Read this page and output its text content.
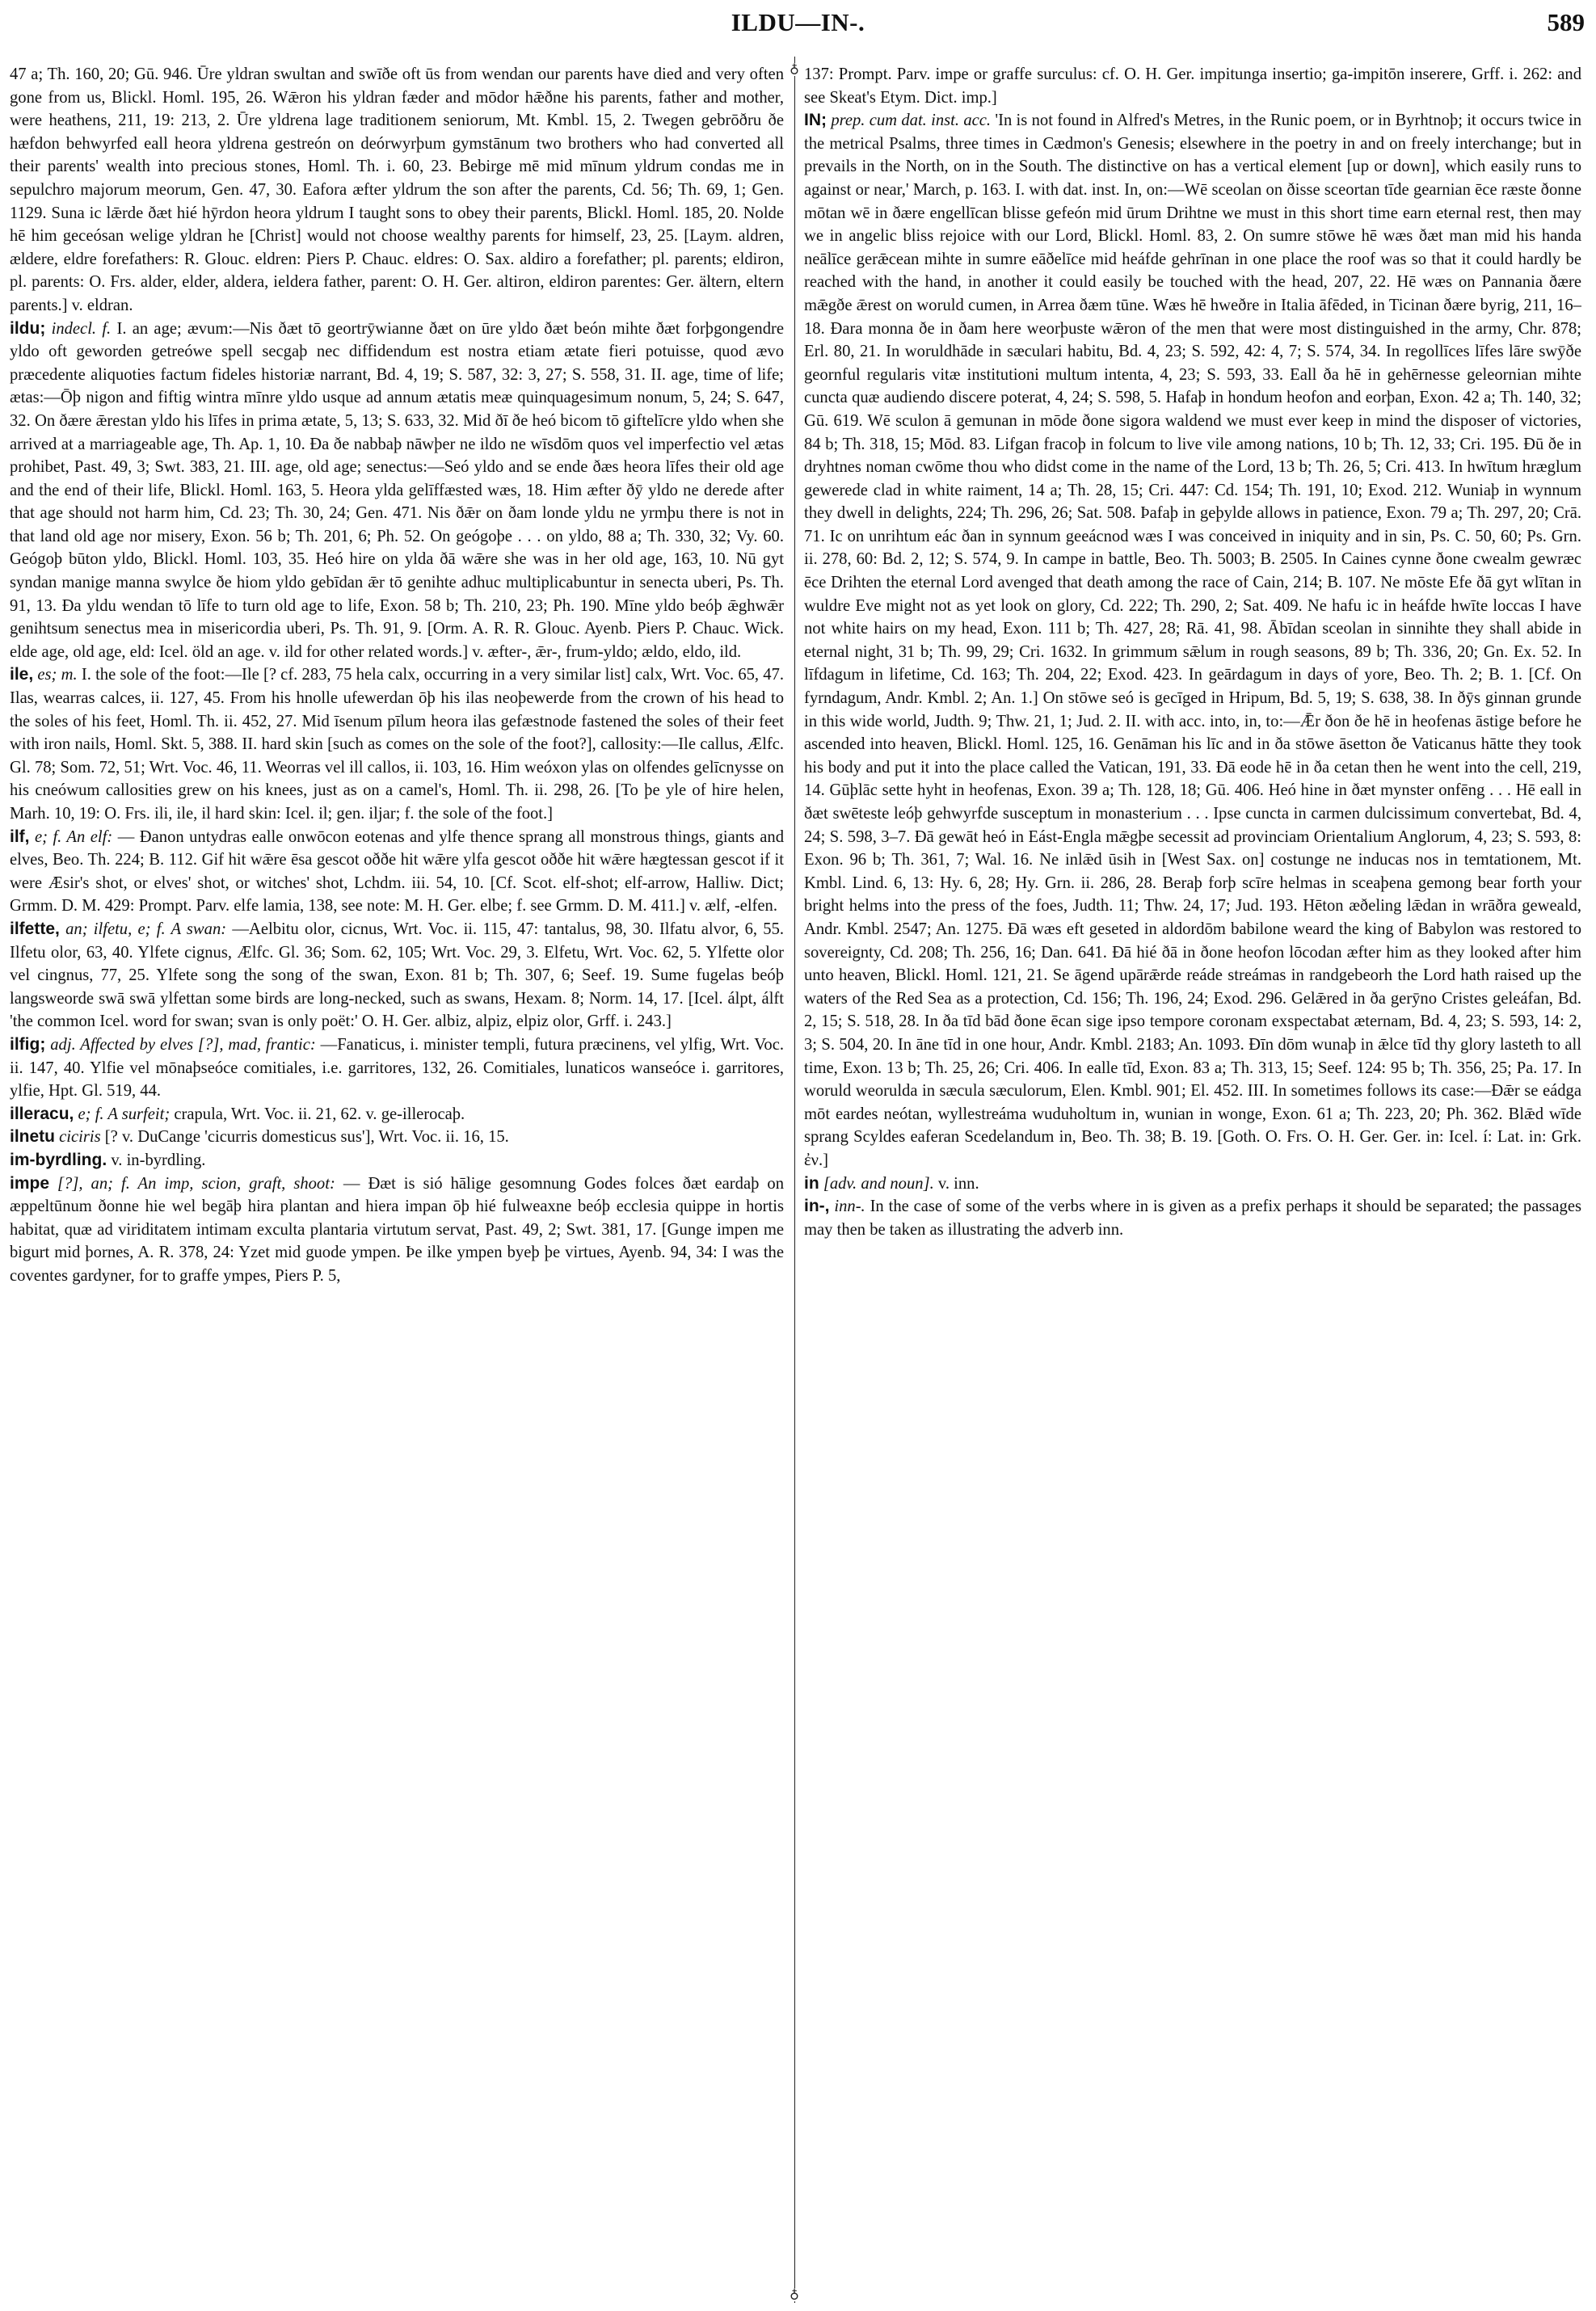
ILDU—IN-.	589
♁
♁

47 a; Th. 160, 20; Gū. 946. Ūre yldran swultan and swīðe oft ūs from wendan our parents have died and very often gone from us, Blickl. Homl. 195, 26. Wǣron his yldran fæder and mōdor hǣðne his parents, father and mother, were heathens, 211, 19: 213, 2. Ūre yldrena lage traditionem seniorum, Mt. Kmbl. 15, 2. Twegen gebrōðru ðe hæfdon behwyrfed eall heora yldrena gestreón on deórwyrþum gymstānum two brothers who had converted all their parents' wealth into precious stones, Homl. Th. i. 60, 23. Bebirge mē mid mīnum yldrum condas me in sepulchro majorum meorum, Gen. 47, 30. Eafora æfter yldrum the son after the parents, Cd. 56; Th. 69, 1; Gen. 1129. Suna ic lǣrde ðæt hié hȳrdon heora yldrum I taught sons to obey their parents, Blickl. Homl. 185, 20. Nolde hē him geceósan welige yldran he [Christ] would not choose wealthy parents for himself, 23, 25. [Laym. aldren, ældere, eldre forefathers: R. Glouc. eldren: Piers P. Chauc. eldres: O. Sax. aldiro a forefather; pl. parents; eldiron, pl. parents: O. Frs. alder, elder, aldera, ieldera father, parent: O. H. Ger. altiron, eldiron parentes: Ger. ältern, eltern parents.] v. eldran.

ildu; indecl. f. I. an age; ævum:—Nis ðæt tō geortrȳwianne ðæt on ūre yldo ðæt beón mihte ðæt forþgongendre yldo oft geworden getreówe spell secgaþ nec diffidendum est nostra etiam ætate fieri potuisse, quod ævo præcedente aliquoties factum fideles historiæ narrant, Bd. 4, 19; S. 587, 32: 3, 27; S. 558, 31. II. age, time of life; ætas:—Ōþ nigon and fiftig wintra mīnre yldo usque ad annum ætatis meæ quinquagesimum nonum, 5, 24; S. 647, 32. On ðære ǣrestan yldo his līfes in prima ætate, 5, 13; S. 633, 32. Mid ðī ðe heó bicom tō giftelīcre yldo when she arrived at a marriageable age, Th. Ap. 1, 10. Ða ðe nabbaþ nāwþer ne ildo ne wīsdōm quos vel imperfectio vel ætas prohibet, Past. 49, 3; Swt. 383, 21. III. age, old age; senectus:—Seó yldo and se ende ðæs heora līfes their old age and the end of their life, Blickl. Homl. 163, 5. Heora ylda gelīffæsted wæs, 18. Him æfter ðȳ yldo ne derede after that age should not harm him, Cd. 23; Th. 30, 24; Gen. 471. Nis ðǣr on ðam londe yldu ne yrmþu there is not in that land old age nor misery, Exon. 56 b; Th. 201, 6; Ph. 52. On geógoþe . . . on yldo, 88 a; Th. 330, 32; Vy. 60. Geógoþ būton yldo, Blickl. Homl. 103, 35. Heó hire on ylda ðā wǣre she was in her old age, 163, 10. Nū gyt syndan manige manna swylce ðe hiom yldo gebīdan ǣr tō genihte adhuc multiplicabuntur in senecta uberi, Ps. Th. 91, 13. Ða yldu wendan tō līfe to turn old age to life, Exon. 58 b; Th. 210, 23; Ph. 190. Mīne yldo beóþ ǣghwǣr genihtsum senectus mea in misericordia uberi, Ps. Th. 91, 9. [Orm. A. R. R. Glouc. Ayenb. Piers P. Chauc. Wick. elde age, old age, eld: Icel. öld an age. v. ild for other related words.] v. æfter-, ǣr-, frum-yldo; ældo, eldo, ild.

ile, es; m. I. the sole of the foot:—Ile [? cf. 283, 75 hela calx, occurring in a very similar list] calx, Wrt. Voc. 65, 47. Ilas, wearras calces, ii. 127, 45. From his hnolle ufewerdan ōþ his ilas neoþewerde from the crown of his head to the soles of his feet, Homl. Th. ii. 452, 27. Mid īsenum pīlum heora ilas gefæstnode fastened the soles of their feet with iron nails, Homl. Skt. 5, 388. II. hard skin [such as comes on the sole of the foot?], callosity:—Ile callus, Ælfc. Gl. 78; Som. 72, 51; Wrt. Voc. 46, 11. Weorras vel ill callos, ii. 103, 16. Him weóxon ylas on olfendes gelīcnysse on his cneówum callosities grew on his knees, just as on a camel's, Homl. Th. ii. 298, 26. [To þe yle of hire helen, Marh. 10, 19: O. Frs. ili, ile, il hard skin: Icel. il; gen. iljar; f. the sole of the foot.]

ilf, e; f. An elf: — Ðanon untydras ealle onwōcon eotenas and ylfe thence sprang all monstrous things, giants and elves, Beo. Th. 224; B. 112. Gif hit wǣre ēsa gescot oððe hit wǣre ylfa gescot oððe hit wǣre hægtessan gescot if it were Æsir's shot, or elves' shot, or witches' shot, Lchdm. iii. 54, 10. [Cf. Scot. elf-shot; elf-arrow, Halliw. Dict; Grmm. D. M. 429: Prompt. Parv. elfe lamia, 138, see note: M. H. Ger. elbe; f. see Grmm. D. M. 411.] v. ælf, -elfen.

ilfette, an; ilfetu, e; f. A swan: —Aelbitu olor, cicnus, Wrt. Voc. ii. 115, 47: tantalus, 98, 30. Ilfatu alvor, 6, 55. Ilfetu olor, 63, 40. Ylfete cignus, Ælfc. Gl. 36; Som. 62, 105; Wrt. Voc. 29, 3. Elfetu, Wrt. Voc. 62, 5. Ylfette olor vel cingnus, 77, 25. Ylfete song the song of the swan, Exon. 81 b; Th. 307, 6; Seef. 19. Sume fugelas beóþ langsweorde swā swā ylfettan some birds are long-necked, such as swans, Hexam. 8; Norm. 14, 17. [Icel. álpt, álft 'the common Icel. word for swan; svan is only poët:' O. H. Ger. albiz, alpiz, elpiz olor, Grff. i. 243.]

ilfig; adj. Affected by elves [?], mad, frantic: —Fanaticus, i. minister templi, futura præcinens, vel ylfig, Wrt. Voc. ii. 147, 40. Ylfie vel mōnaþseóce comitiales, i.e. garritores, 132, 26. Comitiales, lunaticos wanseóce i. garritores, ylfie, Hpt. Gl. 519, 44.

illeracu, e; f. A surfeit; crapula, Wrt. Voc. ii. 21, 62. v. ge-illerocaþ.

ilnetu ciciris [? v. DuCange 'cicurris domesticus sus'], Wrt. Voc. ii. 16, 15.

im-byrdling. v. in-byrdling.

impe [?], an; f. An imp, scion, graft, shoot: — Ðæt is sió hālige gesomnung Godes folces ðæt eardaþ on æppeltūnum ðonne hie wel begāþ hira plantan and hiera impan ōþ hié fulweaxne beóþ ecclesia quippe in hortis habitat, quæ ad viriditatem intimam exculta plantaria virtutum servat, Past. 49, 2; Swt. 381, 17. [Gunge impen me bigurt mid þornes, A. R. 378, 24: Yzet mid guode ympen. Þe ilke ympen byeþ þe virtues, Ayenb. 94, 34: I was the coventes gardyner, for to graffe ympes, Piers P. 5,

137: Prompt. Parv. impe or graffe surculus: cf. O. H. Ger. impitunga insertio; ga-impitōn inserere, Grff. i. 262: and see Skeat's Etym. Dict. imp.]

IN; prep. cum dat. inst. acc. 'In is not found in Alfred's Metres, in the Runic poem, or in Byrhtnoþ; it occurs twice in the metrical Psalms, three times in Cædmon's Genesis; elsewhere in the poetry in and on freely interchange; but in prevails in the North, on in the South. The distinctive on has a vertical element [up or down], which easily runs to against or near,' March, p. 163. I. with dat. inst. In, on:—Wē sceolan on ðisse sceortan tīde gearnian ēce ræste ðonne mōtan wē in ðære engellīcan blisse gefeón mid ūrum Drihtne we must in this short time earn eternal rest, then may we in angelic bliss rejoice with our Lord, Blickl. Homl. 83, 2. On sumre stōwe hē wæs ðæt man mid his handa neālīce gerǣcean mihte in sumre eāðelīce mid heáfde gehrīnan in one place the roof was so that it could hardly be reached with the hand, in another it could easily be touched with the head, 207, 22. Hē wæs on Pannania ðære mǣgðe ǣrest on woruld cumen, in Arrea ðæm tūne. Wæs hē hweðre in Italia āfēded, in Ticinan ðære byrig, 211, 16–18. Ðara monna ðe in ðam here weorþuste wǣron of the men that were most distinguished in the army, Chr. 878; Erl. 80, 21. In woruldhāde in sæculari habitu, Bd. 4, 23; S. 592, 42: 4, 7; S. 574, 34. In regollīces līfes lāre swȳðe geornful regularis vitæ institutioni multum intenta, 4, 23; S. 593, 33. Eall ða hē in gehērnesse geleornian mihte cuncta quæ audiendo discere poterat, 4, 24; S. 598, 5. Hafaþ in hondum heofon and eorþan, Exon. 42 a; Th. 140, 32; Gū. 619. Wē sculon ā gemunan in mōde ðone sigora waldend we must ever keep in mind the disposer of victories, 84 b; Th. 318, 15; Mōd. 83. Lifgan fracoþ in folcum to live vile among nations, 10 b; Th. 12, 33; Cri. 195. Ðū ðe in dryhtnes noman cwōme thou who didst come in the name of the Lord, 13 b; Th. 26, 5; Cri. 413. In hwītum hræglum gewerede clad in white raiment, 14 a; Th. 28, 15; Cri. 447: Cd. 154; Th. 191, 10; Exod. 212. Wuniaþ in wynnum they dwell in delights, 224; Th. 296, 26; Sat. 508. Þafaþ in geþylde allows in patience, Exon. 79 a; Th. 297, 20; Crā. 71. Ic on unrihtum eác ðan in synnum geeácnod wæs I was conceived in iniquity and in sin, Ps. C. 50, 60; Ps. Grn. ii. 278, 60: Bd. 2, 12; S. 574, 9. In campe in battle, Beo. Th. 5003; B. 2505. In Caines cynne ðone cwealm gewræc ēce Drihten the eternal Lord avenged that death among the race of Cain, 214; B. 107. Ne mōste Efe ðā gyt wlītan in wuldre Eve might not as yet look on glory, Cd. 222; Th. 290, 2; Sat. 409. Ne hafu ic in heáfde hwīte loccas I have not white hairs on my head, Exon. 111 b; Th. 427, 28; Rā. 41, 98. Ābīdan sceolan in sinnihte they shall abide in eternal night, 31 b; Th. 99, 29; Cri. 1632. In grimmum sǣlum in rough seasons, 89 b; Th. 336, 20; Gn. Ex. 52. In līfdagum in lifetime, Cd. 163; Th. 204, 22; Exod. 423. In geārdagum in days of yore, Beo. Th. 2; B. 1. [Cf. On fyrndagum, Andr. Kmbl. 2; An. 1.] On stōwe seó is gecīged in Hripum, Bd. 5, 19; S. 638, 38. In ðȳs ginnan grunde in this wide world, Judth. 9; Thw. 21, 1; Jud. 2. II. with acc. into, in, to:—Ǣr ðon ðe hē in heofenas āstige before he ascended into heaven, Blickl. Homl. 125, 16. Genāman his līc and in ða stōwe āsetton ðe Vaticanus hātte they took his body and put it into the place called the Vatican, 191, 33. Ðā eode hē in ða cetan then he went into the cell, 219, 14. Gūþlāc sette hyht in heofenas, Exon. 39 a; Th. 128, 18; Gū. 406. Heó hine in ðæt mynster onfēng . . . Hē eall in ðæt swēteste leóþ gehwyrfde susceptum in monasterium . . . Ipse cuncta in carmen dulcissimum convertebat, Bd. 4, 24; S. 598, 3–7. Ðā gewāt heó in Eást-Engla mǣgþe secessit ad provinciam Orientalium Anglorum, 4, 23; S. 593, 8: Exon. 96 b; Th. 361, 7; Wal. 16. Ne inlǣd ūsih in [West Sax. on] costunge ne inducas nos in temtationem, Mt. Kmbl. Lind. 6, 13: Hy. 6, 28; Hy. Grn. ii. 286, 28. Beraþ forþ scīre helmas in sceaþena gemong bear forth your bright helms into the press of the foes, Judth. 11; Thw. 24, 17; Jud. 193. Hēton æðeling lǣdan in wrāðra geweald, Andr. Kmbl. 2547; An. 1275. Ðā wæs eft geseted in aldordōm babilone weard the king of Babylon was restored to sovereignty, Cd. 208; Th. 256, 16; Dan. 641. Ðā hié ðā in ðone heofon lōcodan æfter him as they looked after him unto heaven, Blickl. Homl. 121, 21. Se āgend upārǣrde reáde streámas in randgebeorh the Lord hath raised up the waters of the Red Sea as a protection, Cd. 156; Th. 196, 24; Exod. 296. Gelǣred in ða gerȳno Cristes geleáfan, Bd. 2, 15; S. 518, 28. In ða tīd bād ðone ēcan sige ipso tempore coronam exspectabat æternam, Bd. 4, 23; S. 593, 14: 2, 3; S. 504, 20. In āne tīd in one hour, Andr. Kmbl. 2183; An. 1093. Ðīn dōm wunaþ in ǣlce tīd thy glory lasteth to all time, Exon. 13 b; Th. 25, 26; Cri. 406. In ealle tīd, Exon. 83 a; Th. 313, 15; Seef. 124: 95 b; Th. 356, 25; Pa. 17. In woruld weorulda in sæcula sæculorum, Elen. Kmbl. 901; El. 452. III. In sometimes follows its case:—Ðǣr se eádga mōt eardes neótan, wyllestreáma wuduholtum in, wunian in wonge, Exon. 61 a; Th. 223, 20; Ph. 362. Blǣd wīde sprang Scyldes eaferan Scedelandum in, Beo. Th. 38; B. 19. [Goth. O. Frs. O. H. Ger. Ger. in: Icel. í: Lat. in: Grk. ἐν.]

in [adv. and noun]. v. inn.

in-, inn-. In the case of some of the verbs where in is given as a prefix perhaps it should be separated; the passages may then be taken as illustrating the adverb inn.
